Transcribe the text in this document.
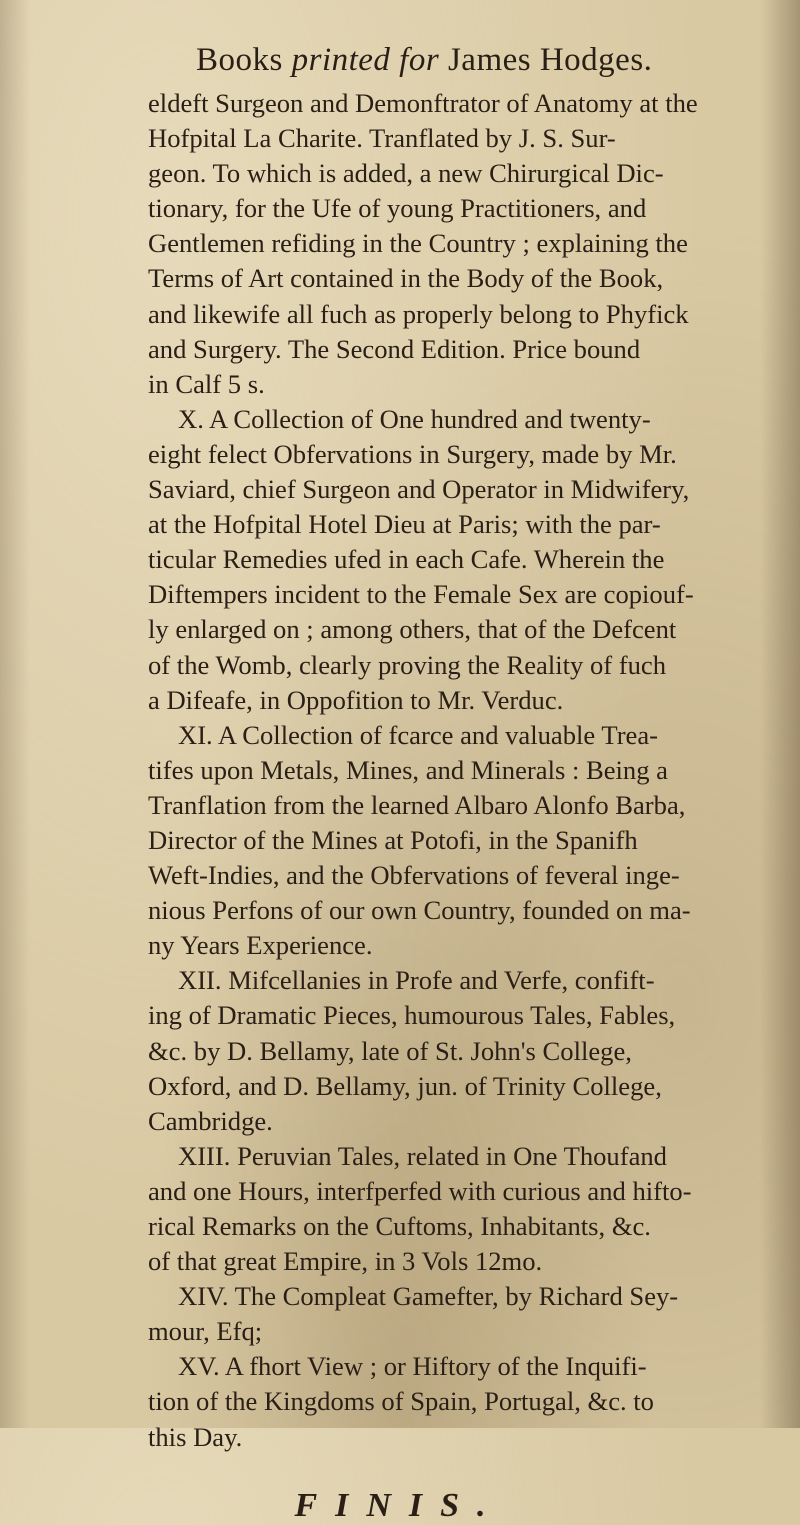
Books printed for James Hodges.
eldeft Surgeon and Demonftrator of Anatomy at the
Hofpital La Charite. Tranflated by J. S. Sur-
geon. To which is added, a new Chirurgical Dic-
tionary, for the Ufe of young Practitioners, and
Gentlemen refiding in the Country ; explaining the
Terms of Art contained in the Body of the Book,
and likewife all fuch as properly belong to Phyfick
and Surgery. The Second Edition. Price bound
in Calf 5 s.
X. A Collection of One hundred and twenty-
eight felect Obfervations in Surgery, made by Mr.
Saviard, chief Surgeon and Operator in Midwifery,
at the Hofpital Hotel Dieu at Paris; with the par-
ticular Remedies ufed in each Cafe. Wherein the
Diftempers incident to the Female Sex are copiouf-
ly enlarged on ; among others, that of the Defcent
of the Womb, clearly proving the Reality of fuch
a Difeafe, in Oppofition to Mr. Verduc.
XI. A Collection of fcarce and valuable Trea-
tifes upon Metals, Mines, and Minerals : Being a
Tranflation from the learned Albaro Alonfo Barba,
Director of the Mines at Potofi, in the Spanifh
Weft-Indies, and the Obfervations of feveral inge-
nious Perfons of our own Country, founded on ma-
ny Years Experience.
XII. Mifcellanies in Profe and Verfe, confift-
ing of Dramatic Pieces, humourous Tales, Fables,
&c. by D. Bellamy, late of St. John's College,
Oxford, and D. Bellamy, jun. of Trinity College,
Cambridge.
XIII. Peruvian Tales, related in One Thoufand
and one Hours, interfperfed with curious and hifto-
rical Remarks on the Cuftoms, Inhabitants, &c.
of that great Empire, in 3 Vols 12mo.
XIV. The Compleat Gamefter, by Richard Sey-
mour, Efq;
XV. A fhort View ; or Hiftory of the Inquifi-
tion of the Kingdoms of Spain, Portugal, &c. to
this Day.
FINIS.
